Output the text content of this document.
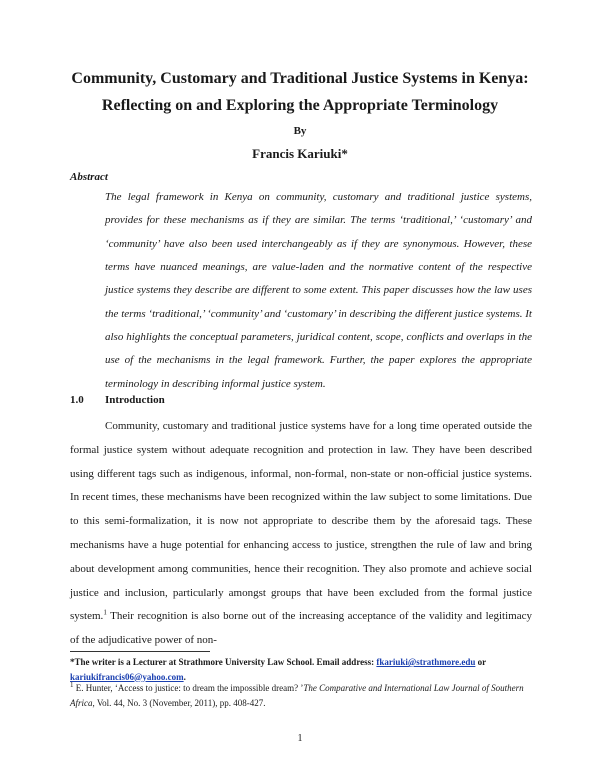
Community, Customary and Traditional Justice Systems in Kenya:
Reflecting on and Exploring the Appropriate Terminology

By

Francis Kariuki*

Abstract

The legal framework in Kenya on community, customary and traditional justice systems, provides for these mechanisms as if they are similar. The terms ‘traditional,’ ‘customary’ and ‘community’ have also been used interchangeably as if they are synonymous. However, these terms have nuanced meanings, are value-laden and the normative content of the respective justice systems they describe are different to some extent. This paper discusses how the law uses the terms ‘traditional,’ ‘community’ and ‘customary’ in describing the different justice systems. It also highlights the conceptual parameters, juridical content, scope, conflicts and overlaps in the use of the mechanisms in the legal framework. Further, the paper explores the appropriate terminology in describing informal justice system.

1.0 Introduction

Community, customary and traditional justice systems have for a long time operated outside the formal justice system without adequate recognition and protection in law. They have been described using different tags such as indigenous, informal, non-formal, non-state or non-official justice systems. In recent times, these mechanisms have been recognized within the law subject to some limitations. Due to this semi-formalization, it is now not appropriate to describe them by the aforesaid tags. These mechanisms have a huge potential for enhancing access to justice, strengthen the rule of law and bring about development among communities, hence their recognition. They also promote and achieve social justice and inclusion, particularly amongst groups that have been excluded from the formal justice system.$^1$ Their recognition is also borne out of the increasing acceptance of the validity and legitimacy of the adjudicative power of non-

*The writer is a Lecturer at Strathmore University Law School. Email address: fkariuki@strathmore.edu or kariukifrancis06@yahoo.com.

$^1$ E. Hunter, ‘Access to justice: to dream the impossible dream? ’The Comparative and International Law Journal of Southern Africa, Vol. 44, No. 3 (November, 2011), pp. 408-427.

1
